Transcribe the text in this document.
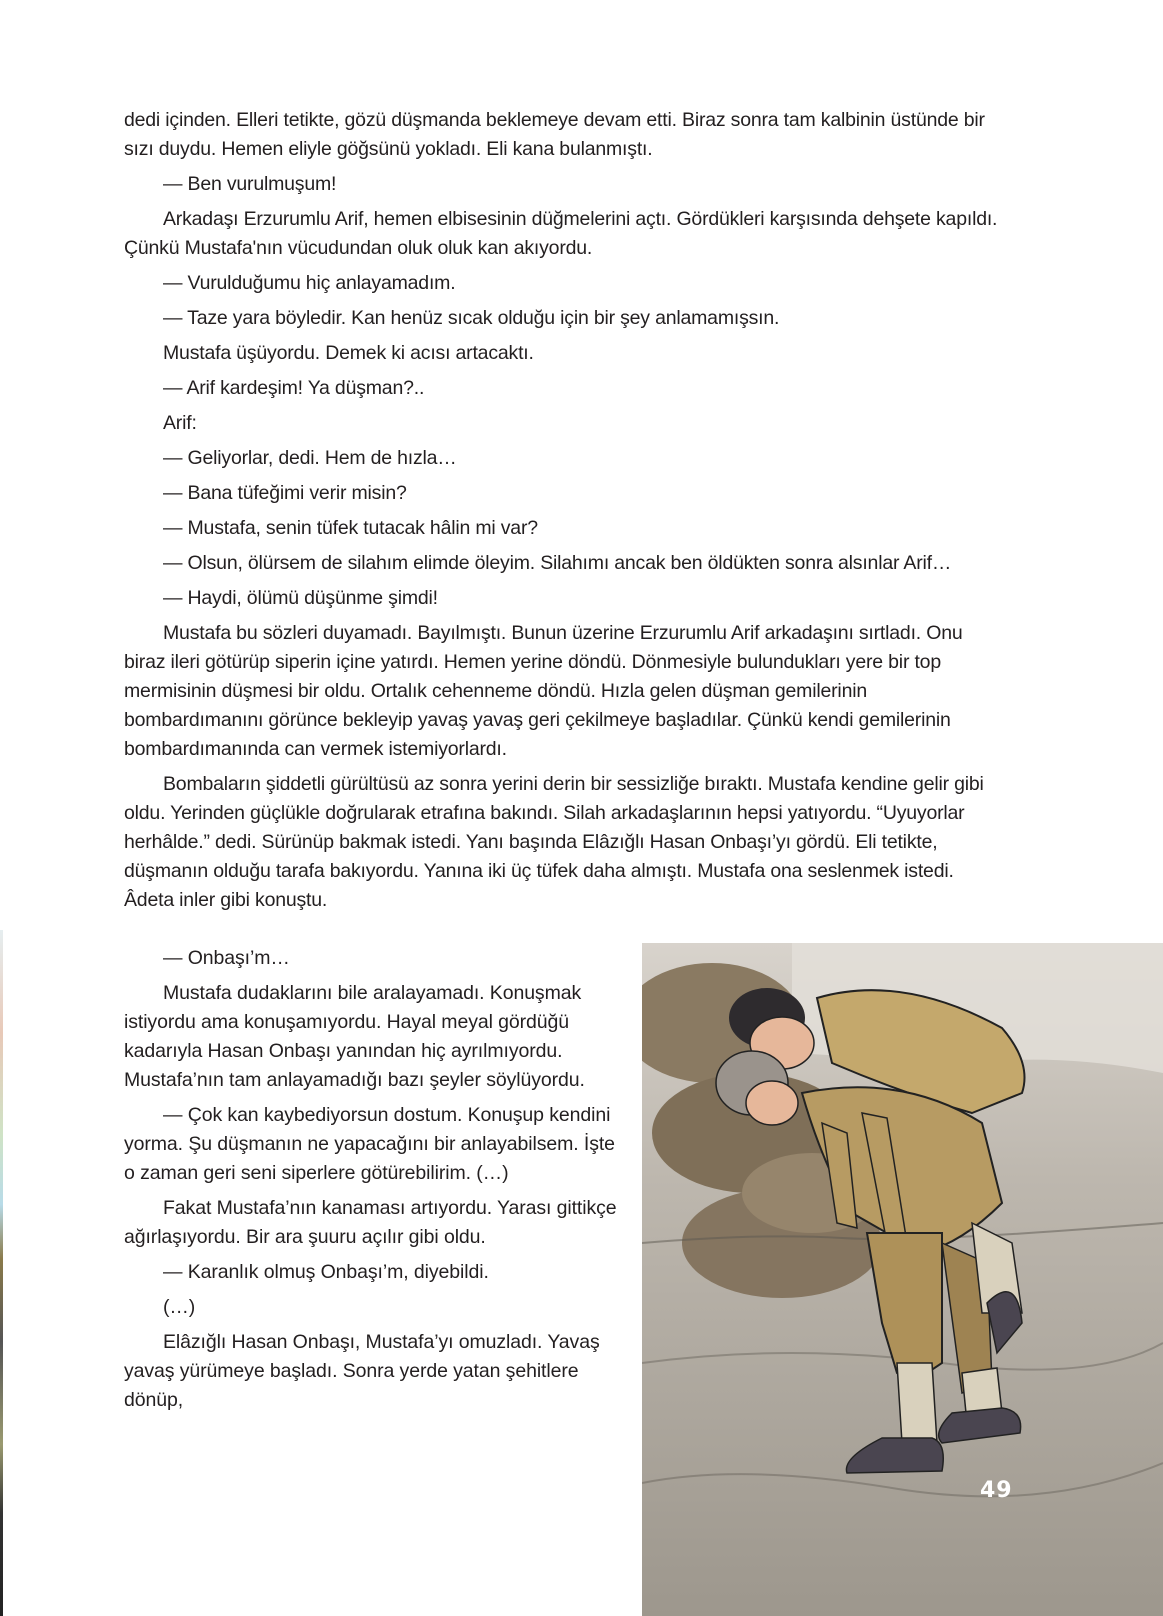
dedi içinden. Elleri tetikte, gözü düşmanda beklemeye devam etti. Biraz sonra tam kalbinin üstünde bir sızı duydu. Hemen eliyle göğsünü yokladı. Eli kana bulanmıştı.

— Ben vurulmuşum!

Arkadaşı Erzurumlu Arif, hemen elbisesinin düğmelerini açtı. Gördükleri karşısında dehşete kapıldı. Çünkü Mustafa'nın vücudundan oluk oluk kan akıyordu.

— Vurulduğumu hiç anlayamadım.

— Taze yara böyledir. Kan henüz sıcak olduğu için bir şey anlamamışsın.

Mustafa üşüyordu. Demek ki acısı artacaktı.

— Arif kardeşim! Ya düşman?..

Arif:

— Geliyorlar, dedi. Hem de hızla…

— Bana tüfeğimi verir misin?

— Mustafa, senin tüfek tutacak hâlin mi var?

— Olsun, ölürsem de silahım elimde öleyim. Silahımı ancak ben öldükten sonra alsınlar Arif…

— Haydi, ölümü düşünme şimdi!

Mustafa bu sözleri duyamadı. Bayılmıştı. Bunun üzerine Erzurumlu Arif arkadaşını sırtladı. Onu biraz ileri götürüp siperin içine yatırdı. Hemen yerine döndü. Dönmesiyle bulundukları yere bir top mermisinin düşmesi bir oldu. Ortalık cehenneme döndü. Hızla gelen düşman gemilerinin bombardımanını görünce bekleyip yavaş yavaş geri çekilmeye başladılar. Çünkü kendi gemilerinin bombardımanında can vermek istemiyorlardı.

Bombaların şiddetli gürültüsü az sonra yerini derin bir sessizliğe bıraktı. Mustafa kendine gelir gibi oldu. Yerinden güçlükle doğrularak etrafına bakındı. Silah arkadaşlarının hepsi yatıyordu. “Uyuyorlar herhâlde.” dedi. Sürünüp bakmak istedi. Yanı başında Elâzığlı Hasan Onbaşı’yı gördü. Eli tetikte, düşmanın olduğu tarafa bakıyordu. Yanına iki üç tüfek daha almıştı. Mustafa ona seslenmek istedi. Âdeta inler gibi konuştu.

— Onbaşı’m…

Mustafa dudaklarını bile aralayamadı. Konuşmak istiyordu ama konuşamıyordu. Hayal meyal gördüğü kadarıyla Hasan Onbaşı yanından hiç ayrılmıyordu. Mustafa’nın tam anlayamadığı bazı şeyler söylüyordu.

— Çok kan kaybediyorsun dostum. Konuşup kendini yorma. Şu düşmanın ne yapacağını bir anlayabilsem. İşte o zaman geri seni siperlere götürebilirim. (…)

Fakat Mustafa’nın kanaması artıyordu. Yarası gittikçe ağırlaşıyordu. Bir ara şuuru açılır gibi oldu.

— Karanlık olmuş Onbaşı’m, diyebildi.

(…)

Elâzığlı Hasan Onbaşı, Mustafa’yı omuzladı. Yavaş yavaş yürümeye başladı. Sonra yerde yatan şehitlere dönüp,

49
